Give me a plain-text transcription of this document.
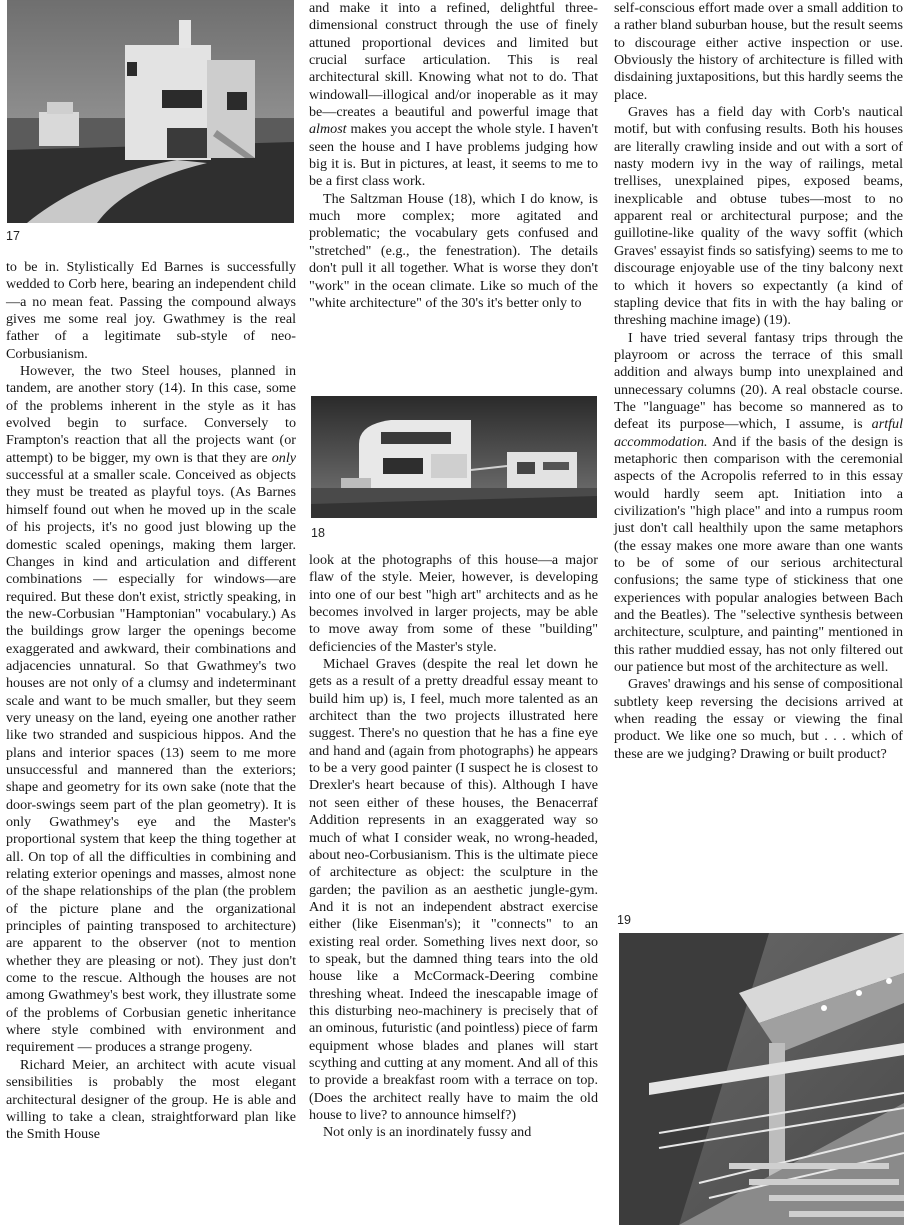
17
18
19

to be in. Stylistically Ed Barnes is successfully wedded to Corb here, bearing an independent child—a no mean feat. Passing the compound always gives me some real joy. Gwathmey is the real father of a legitimate sub-style of neo-Corbusianism.

However, the two Steel houses, planned in tandem, are another story (14). In this case, some of the problems inherent in the style as it has evolved begin to surface. Conversely to Frampton's reaction that all the projects want (or attempt) to be bigger, my own is that they are only successful at a smaller scale. Conceived as objects they must be treated as playful toys. (As Barnes himself found out when he moved up in the scale of his projects, it's no good just blowing up the domestic scaled openings, making them larger. Changes in kind and articulation and different combinations — especially for windows—are required. But these don't exist, strictly speaking, in the new-Corbusian "Hamptonian" vocabulary.) As the buildings grow larger the openings become exaggerated and awkward, their combinations and adjacencies unnatural. So that Gwathmey's two houses are not only of a clumsy and indeterminant scale and want to be much smaller, but they seem very uneasy on the land, eyeing one another rather like two stranded and suspicious hippos. And the plans and interior spaces (13) seem to me more unsuccessful and mannered than the exteriors; shape and geometry for its own sake (note that the door-swings seem part of the plan geometry). It is only Gwathmey's eye and the Master's proportional system that keep the thing together at all. On top of all the difficulties in combining and relating exterior openings and masses, almost none of the shape relationships of the plan (the problem of the picture plane and the organizational principles of painting transposed to architecture) are apparent to the observer (not to mention whether they are pleasing or not). They just don't come to the rescue. Although the houses are not among Gwathmey's best work, they illustrate some of the problems of Corbusian genetic inheritance where style combined with environment and requirement — produces a strange progeny.

Richard Meier, an architect with acute visual sensibilities is probably the most elegant architectural designer of the group. He is able and willing to take a clean, straightforward plan like the Smith House

and make it into a refined, delightful three-dimensional construct through the use of finely attuned proportional devices and limited but crucial surface articulation. This is real architectural skill. Knowing what not to do. That windowall—illogical and/or inoperable as it may be—creates a beautiful and powerful image that almost makes you accept the whole style. I haven't seen the house and I have problems judging how big it is. But in pictures, at least, it seems to me to be a first class work.

The Saltzman House (18), which I do know, is much more complex; more agitated and problematic; the vocabulary gets confused and "stretched" (e.g., the fenestration). The details don't pull it all together. What is worse they don't "work" in the ocean climate. Like so much of the "white architecture" of the 30's it's better only to

look at the photographs of this house—a major flaw of the style. Meier, however, is developing into one of our best "high art" architects and as he becomes involved in larger projects, may be able to move away from some of these "building" deficiencies of the Master's style.

Michael Graves (despite the real let down he gets as a result of a pretty dreadful essay meant to build him up) is, I feel, much more talented as an architect than the two projects illustrated here suggest. There's no question that he has a fine eye and hand and (again from photographs) he appears to be a very good painter (I suspect he is closest to Drexler's heart because of this). Although I have not seen either of these houses, the Benacerraf Addition represents in an exaggerated way so much of what I consider weak, no wrong-headed, about neo-Corbusianism. This is the ultimate piece of architecture as object: the sculpture in the garden; the pavilion as an aesthetic jungle-gym. And it is not an independent abstract exercise either (like Eisenman's); it "connects" to an existing real order. Something lives next door, so to speak, but the damned thing tears into the old house like a McCormack-Deering combine threshing wheat. Indeed the inescapable image of this disturbing neo-machinery is precisely that of an ominous, futuristic (and pointless) piece of farm equipment whose blades and planes will start scything and cutting at any moment. And all of this to provide a breakfast room with a terrace on top. (Does the architect really have to maim the old house to live? to announce himself?)

Not only is an inordinately fussy and

self-conscious effort made over a small addition to a rather bland suburban house, but the result seems to discourage either active inspection or use. Obviously the history of architecture is filled with disdaining juxtapositions, but this hardly seems the place.

Graves has a field day with Corb's nautical motif, but with confusing results. Both his houses are literally crawling inside and out with a sort of nasty modern ivy in the way of railings, metal trellises, unexplained pipes, exposed beams, inexplicable and obtuse tubes—most to no apparent real or architectural purpose; and the guillotine-like quality of the wavy soffit (which Graves' essayist finds so satisfying) seems to me to discourage enjoyable use of the tiny balcony next to which it hovers so expectantly (a kind of stapling device that fits in with the hay baling or threshing machine image) (19).

I have tried several fantasy trips through the playroom or across the terrace of this small addition and always bump into unexplained and unnecessary columns (20). A real obstacle course. The "language" has become so mannered as to defeat its purpose—which, I assume, is artful accommodation. And if the basis of the design is metaphoric then comparison with the ceremonial aspects of the Acropolis referred to in this essay would hardly seem apt. Initiation into a civilization's "high place" and into a rumpus room just don't call healthily upon the same metaphors (the essay makes one more aware than one wants to be of some of our serious architectural confusions; the same type of stickiness that one experiences with popular analogies between Bach and the Beatles). The "selective synthesis between architecture, sculpture, and painting" mentioned in this rather muddied essay, has not only filtered out our patience but most of the architecture as well.

Graves' drawings and his sense of compositional subtlety keep reversing the decisions arrived at when reading the essay or viewing the final product. We like one so much, but . . . which of these are we judging? Drawing or built product?
